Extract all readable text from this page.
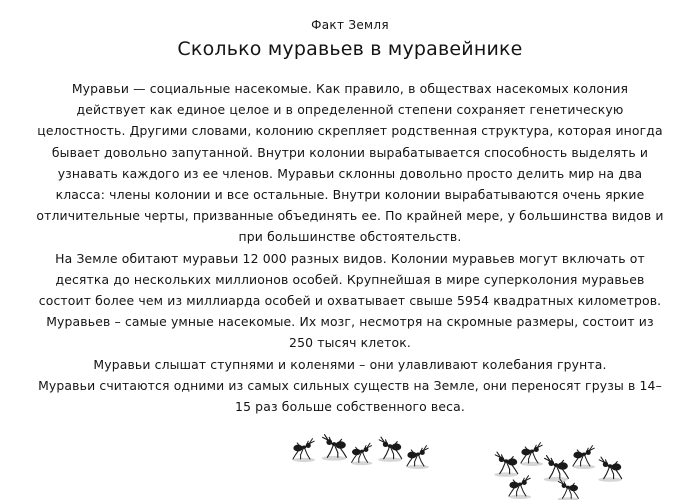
Факт Земля
Сколько муравьев в муравейнике

Муравьи — социальные насекомые. Как правило, в обществах насекомых колония действует как единое целое и в определенной степени сохраняет генетическую целостность. Другими словами, колонию скрепляет родственная структура, которая иногда бывает довольно запутанной. Внутри колонии вырабатывается способность выделять и узнавать каждого из ее членов. Муравьи склонны довольно просто делить мир на два класса: члены колонии и все остальные. Внутри колонии вырабатываются очень яркие отличительные черты, призванные объединять ее. По крайней мере, у большинства видов и при большинстве обстоятельств.

На Земле обитают муравьи 12 000 разных видов. Колонии муравьев могут включать от десятка до нескольких миллионов особей. Крупнейшая в мире суперколония муравьев состоит более чем из миллиарда особей и охватывает свыше 5954 квадратных километров.

Муравьев – самые умные насекомые. Их мозг, несмотря на скромные размеры, состоит из 250 тысяч клеток.

Муравьи слышат ступнями и коленями – они улавливают колебания грунта.

Муравьи считаются одними из самых сильных существ на Земле, они переносят грузы в 14–15 раз больше собственного веса.
